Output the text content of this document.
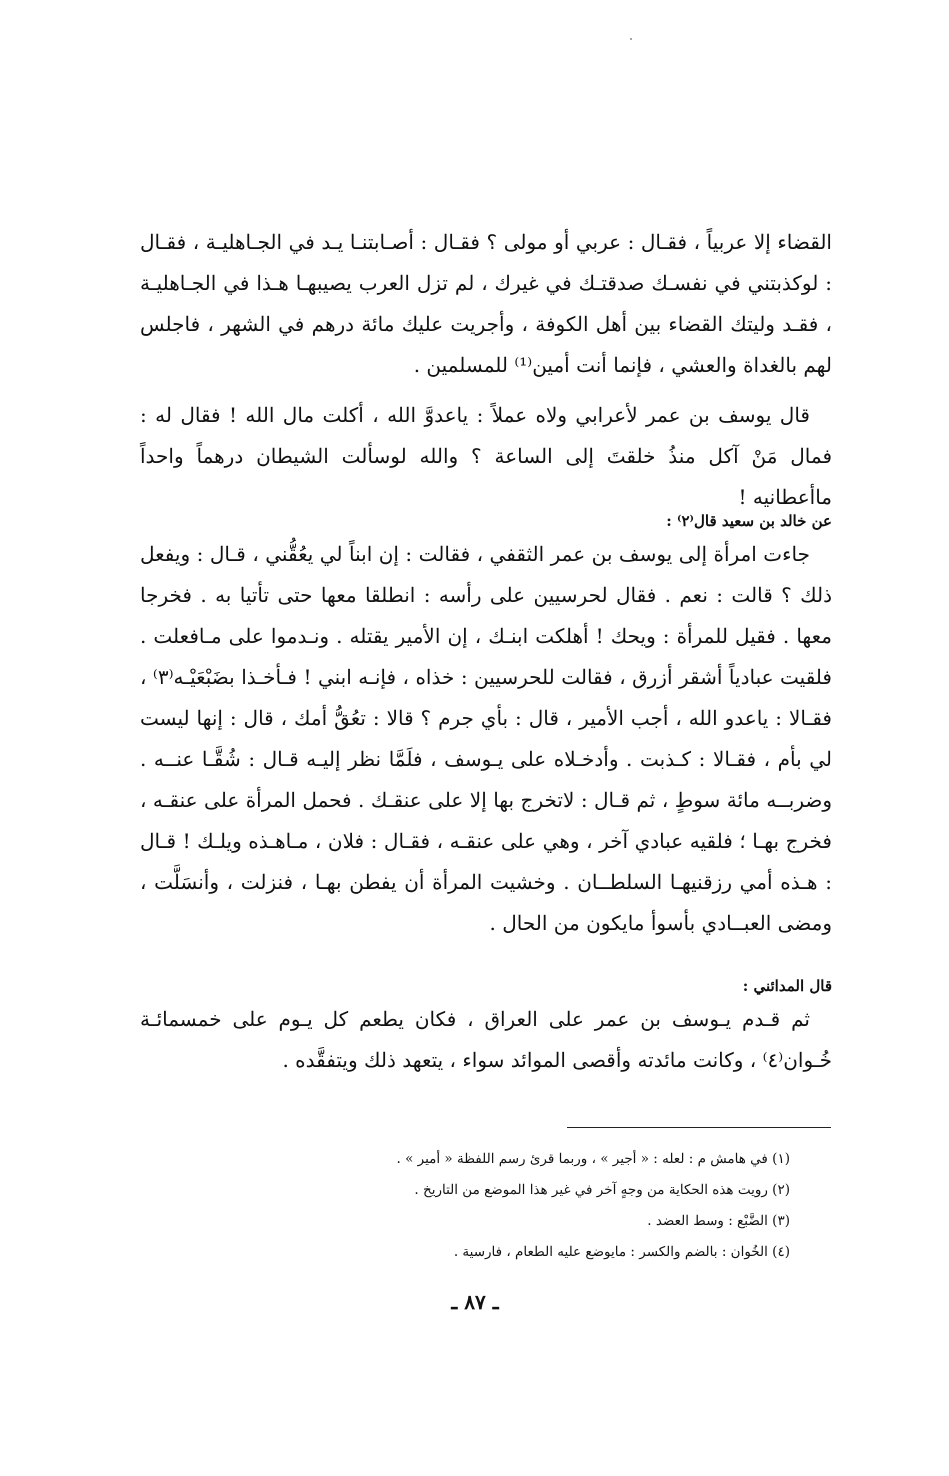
القضاء إلا عربياً ، فقـال : عربي أو مولى ؟ فقـال : أصـابتنـا يـد في الجـاهليـة ، فقـال : لوكذبتني في نفسـك صدقتـك في غيرك ، لم تزل العرب يصيبهـا هـذا في الجـاهليـة ، فقـد وليتك القضاء بين أهل الكوفة ، وأجريت عليك مائة درهم في الشهر ، فاجلس لهم بالغداة والعشي ، فإنما أنت أمين⁽¹⁾ للمسلمين .

قال يوسف بن عمر لأعرابي ولاه عملاً : ياعدوَّ الله ، أكلت مال الله ! فقال له : فمال مَنْ آكل منذُ خلقتَ إلى الساعة ؟ والله لوسألت الشيطان درهماً واحداً ماأعطانيه !

عن خالد بن سعيد قال⁽٢⁾ :

جاءت امرأة إلى يوسف بن عمر الثقفي ، فقالت : إن ابناً لي يعُقُّني ، قـال : ويفعل ذلك ؟ قالت : نعم . فقال لحرسيين على رأسه : انطلقا معها حتى تأتيا به . فخرجا معها . فقيل للمرأة : ويحك ! أهلكت ابنـك ، إن الأمير يقتله . ونـدموا على مـافعلت . فلقيت عبادياً أشقر أزرق ، فقالت للحرسيين : خذاه ، فإنـه ابني ! فـأخـذا بضَبْعَيْـه⁽٣⁾ ، فقـالا : ياعدو الله ، أجب الأمير ، قال : بأي جرم ؟ قالا : تعُقُّ أمك ، قال : إنها ليست لي بأم ، فقـالا : كـذبت . وأدخـلاه على يـوسف ، فلَمَّا نظر إليـه قـال : شُقَّـا عنــه . وضربــه مائة سوطٍ ، ثم قـال : لاتخرج بها إلا على عنقـك . فحمل المرأة على عنقـه ، فخرج بهـا ؛ فلقيه عبادي آخر ، وهي على عنقـه ، فقـال : فلان ، مـاهـذه ويلـك ! قـال : هـذه أمي رزقنيهـا السلطــان . وخشيت المرأة أن يفطن بهـا ، فنزلت ، وأنسَلَّت ، ومضى العبــادي بأسوأ مايكون من الحال .

قال المدائني :

ثم قـدم يـوسف بن عمر على العراق ، فكان يطعم كل يـوم على خمسمائـة خُـوان⁽٤⁾ ، وكانت مائدته وأقصى الموائد سواء ، يتعهد ذلك ويتفقَّده .

(١) في هامش م : لعله : « أجير » ، وربما قرئ رسم اللفظة « أمير » .

(٢) رويت هذه الحكاية من وجهٍ آخر في غير هذا الموضع من التاريخ .

(٣) الضَّبْع : وسط العضد .

(٤) الخُوان : بالضم والكسر : مايوضع عليه الطعام ، فارسية .

ـ ٨٧ ـ
